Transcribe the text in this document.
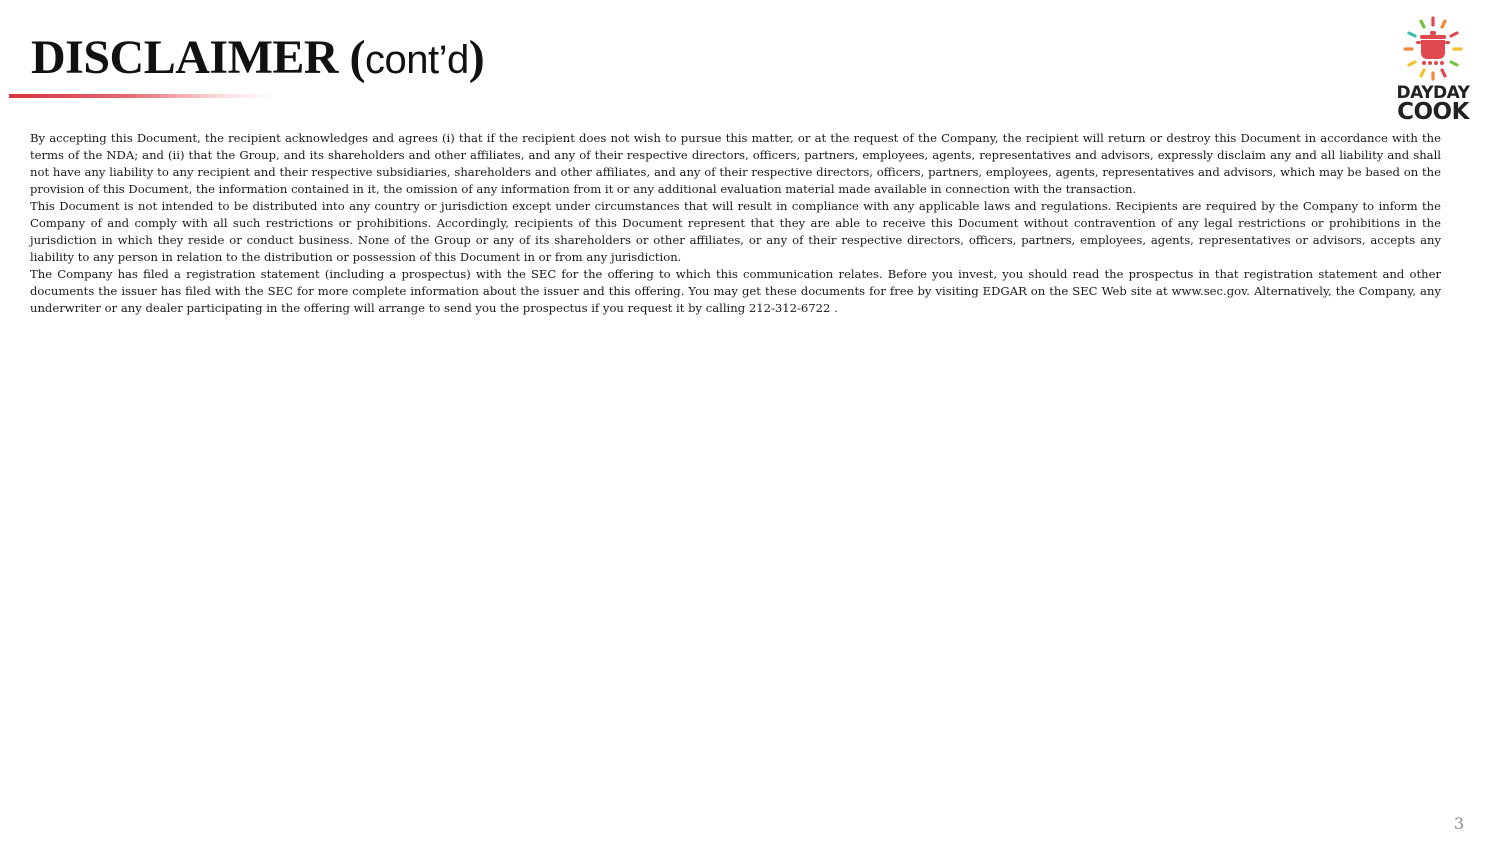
DISCLAIMER (cont’d)
DAYDAY
COOK

By accepting this Document, the recipient acknowledges and agrees (i) that if the recipient does not wish to pursue this matter, or at the request of the Company, the recipient will return or destroy this Document in accordance with the terms of the NDA; and (ii) that the Group, and its shareholders and other affiliates, and any of their respective directors, officers, partners, employees, agents, representatives and advisors, expressly disclaim any and all liability and shall not have any liability to any recipient and their respective subsidiaries, shareholders and other affiliates, and any of their respective directors, officers, partners, employees, agents, representatives and advisors, which may be based on the provision of this Document, the information contained in it, the omission of any information from it or any additional evaluation material made available in connection with the transaction.

This Document is not intended to be distributed into any country or jurisdiction except under circumstances that will result in compliance with any applicable laws and regulations. Recipients are required by the Company to inform the Company of and comply with all such restrictions or prohibitions. Accordingly, recipients of this Document represent that they are able to receive this Document without contravention of any legal restrictions or prohibitions in the jurisdiction in which they reside or conduct business. None of the Group or any of its shareholders or other affiliates, or any of their respective directors, officers, partners, employees, agents, representatives or advisors, accepts any liability to any person in relation to the distribution or possession of this Document in or from any jurisdiction.

The Company has filed a registration statement (including a prospectus) with the SEC for the offering to which this communication relates. Before you invest, you should read the prospectus in that registration statement and other documents the issuer has filed with the SEC for more complete information about the issuer and this offering. You may get these documents for free by visiting EDGAR on the SEC Web site at www.sec.gov. Alternatively, the Company, any underwriter or any dealer participating in the offering will arrange to send you the prospectus if you request it by calling 212-312-6722 .

3
